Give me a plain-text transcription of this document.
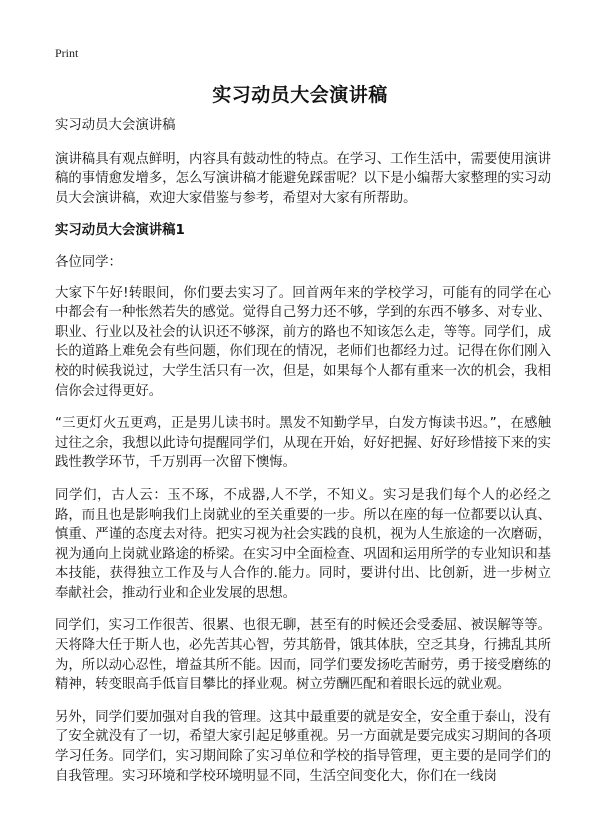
Print
实习动员大会演讲稿

实习动员大会演讲稿

演讲稿具有观点鲜明，内容具有鼓动性的特点。在学习、工作生活中，需要使用演讲稿的事情愈发增多，怎么写演讲稿才能避免踩雷呢？以下是小编帮大家整理的实习动员大会演讲稿，欢迎大家借鉴与参考，希望对大家有所帮助。

实习动员大会演讲稿1

各位同学：

大家下午好!转眼间，你们要去实习了。回首两年来的学校学习，可能有的同学在心中都会有一种怅然若失的感觉。觉得自己努力还不够，学到的东西不够多、对专业、职业、行业以及社会的认识还不够深，前方的路也不知该怎么走，等等。同学们，成长的道路上难免会有些问题，你们现在的情况，老师们也都经力过。记得在你们刚入校的时候我说过，大学生活只有一次，但是，如果每个人都有重来一次的机会，我相信你会过得更好。

“三更灯火五更鸡，正是男儿读书时。黑发不知勤学早，白发方悔读书迟。”，在感触过往之余，我想以此诗句提醒同学们，从现在开始，好好把握、好好珍惜接下来的实践性教学环节，千万别再一次留下懊悔。

同学们，古人云：玉不琢，不成器,人不学，不知义。实习是我们每个人的必经之路，而且也是影响我们上岗就业的至关重要的一步。所以在座的每一位都要以认真、慎重、严谨的态度去对待。把实习视为社会实践的良机，视为人生旅途的一次磨砺，视为通向上岗就业路途的桥梁。在实习中全面检查、巩固和运用所学的专业知识和基本技能，获得独立工作及与人合作的.能力。同时，要讲付出、比创新，进一步树立奉献社会，推动行业和企业发展的思想。

同学们，实习工作很苦、很累、也很无聊，甚至有的时候还会受委屈、被误解等等。天将降大任于斯人也，必先苦其心智，劳其筋骨，饿其体肤，空乏其身，行拂乱其所为，所以动心忍性，增益其所不能。因而，同学们要发扬吃苦耐劳，勇于接受磨练的精神，转变眼高手低盲目攀比的择业观。树立劳酬匹配和着眼长远的就业观。

另外，同学们要加强对自我的管理。这其中最重要的就是安全，安全重于泰山，没有了安全就没有了一切，希望大家引起足够重视。另一方面就是要完成实习期间的各项学习任务。同学们，实习期间除了实习单位和学校的指导管理，更主要的是同学们的自我管理。实习环境和学校环境明显不同，生活空间变化大，你们在一线岗
